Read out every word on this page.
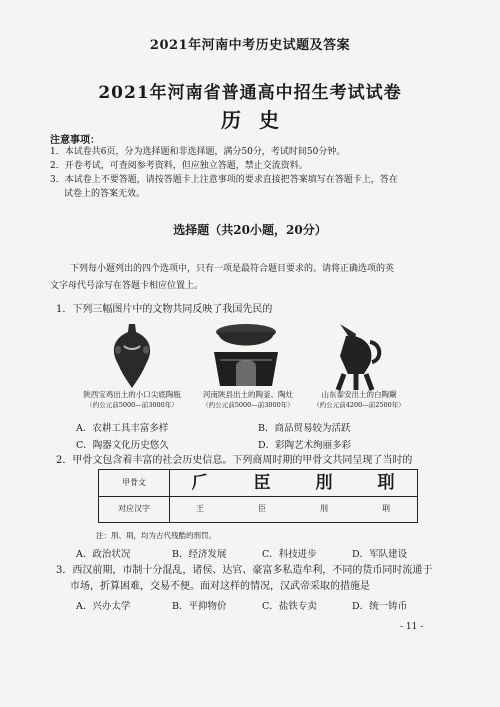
2021年河南中考历史试题及答案
2021年河南省普通高中招生考试试卷
历史
注意事项：
1．本试卷共6页，分为选择题和非选择题，满分50分，考试时间50分钟。
2．开卷考试，可查阅参考资料，但应独立答题，禁止交流资料。
3．本试卷上不要答题，请按答题卡上注意事项的要求直接把答案填写在答题卡上，答在
试卷上的答案无效。
选择题（共20小题，20分）
下列每小题列出的四个选项中，只有一项是最符合题目要求的。请将正确选项的英
文字母代号涂写在答题卡相应位置上。
1．下列三幅图片中的文物共同反映了我国先民的
陕西宝鸡出土的小口尖底陶瓶
（约公元前5000—前3000年）
河南陕县出土的陶釜、陶灶
（约公元前5000—前3000年）
山东泰安出土的白陶鬶
（约公元前4200—前2500年）
A．农耕工具丰富多样	B．商品贸易较为活跃
C．陶器文化历史悠久	D．彩陶艺术绚丽多彩
2．甲骨文包含着丰富的社会历史信息。下列商周时期的甲骨文共同呈现了当时的
甲骨文	𠂆	臣	刖	刵
对应汉字	王	臣	刖	刵
注：刖、刵，均为古代残酷的刑罚。
A．政治状况	B．经济发展	C．科技进步	D．军队建设
3．西汉前期，市制十分混乱，诸侯、达官、豪富多私造牟利，不同的货币同时流通于
市场，折算困难，交易不便。面对这样的情况，汉武帝采取的措施是
A．兴办太学	B．平抑物价	C．盐铁专卖	D．统一铸币
- 11 -
